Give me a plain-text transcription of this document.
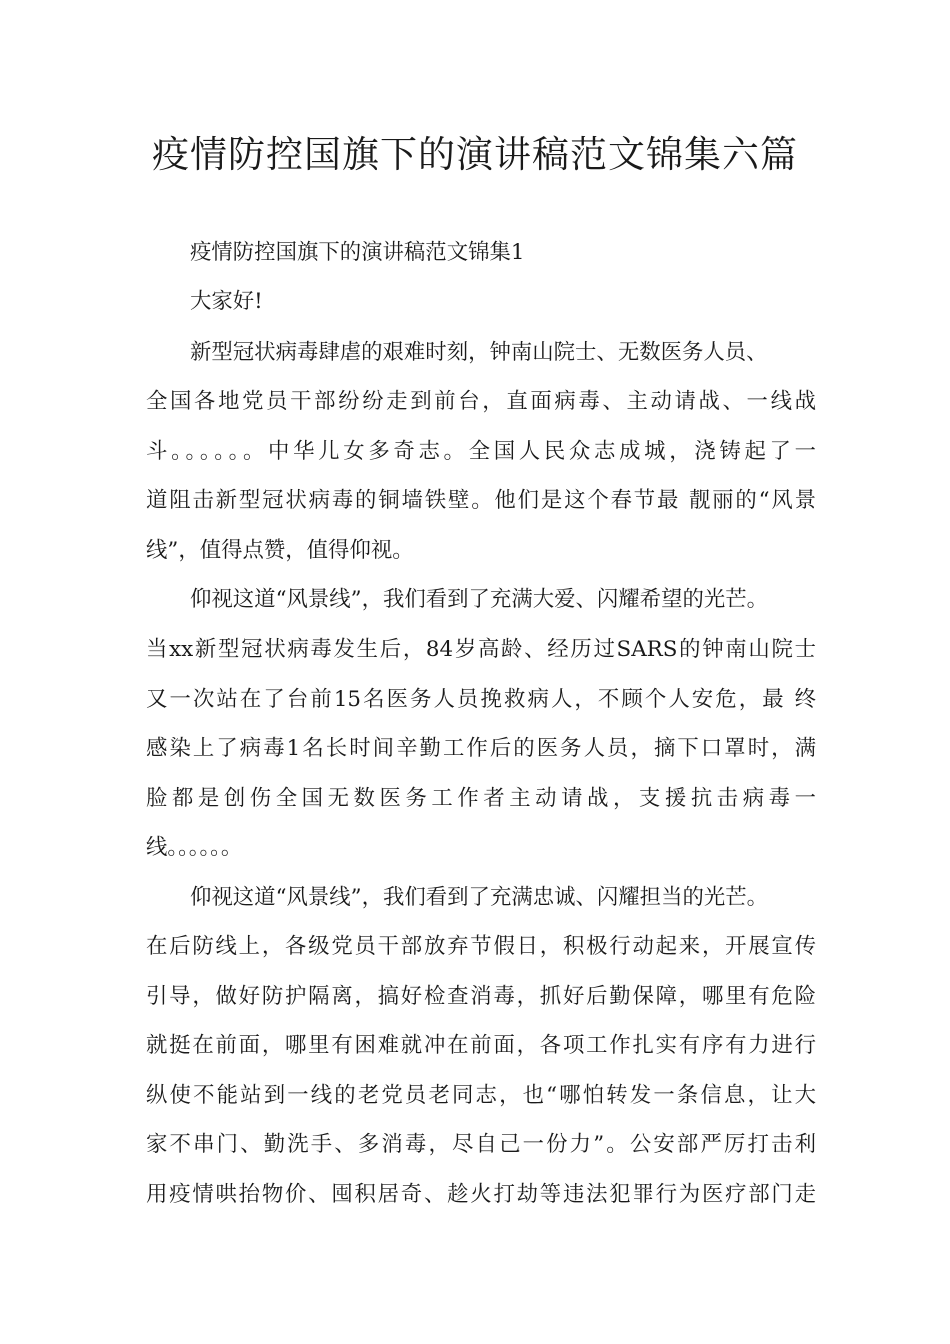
疫情防控国旗下的演讲稿范文锦集六篇
疫情防控国旗下的演讲稿范文锦集1
大家好!
新型冠状病毒肆虐的艰难时刻，钟南山院士、无数医务人员、
全国各地党员干部纷纷走到前台，直面病毒、主动请战、一线战
斗。。。。。。中华儿女多奇志。全国人民众志成城，浇铸起了一
道阻击新型冠状病毒的铜墙铁壁。他们是这个春节最 靓丽的“风景
线”，值得点赞，值得仰视。
仰视这道“风景线”，我们看到了充满大爱、闪耀希望的光芒。
当xx新型冠状病毒发生后，84岁高龄、经历过SARS的钟南山院士
又一次站在了台前15名医务人员挽救病人，不顾个人安危，最 终
感染上了病毒1名长时间辛勤工作后的医务人员，摘下口罩时，满
脸都是创伤全国无数医务工作者主动请战，支援抗击病毒一
线。。。。。。
仰视这道“风景线”，我们看到了充满忠诚、闪耀担当的光芒。
在后防线上，各级党员干部放弃节假日，积极行动起来，开展宣传
引导，做好防护隔离，搞好检查消毒，抓好后勤保障，哪里有危险
就挺在前面，哪里有困难就冲在前面，各项工作扎实有序有力进行
纵使不能站到一线的老党员老同志，也“哪怕转发一条信息，让大
家不串门、勤洗手、多消毒，尽自己一份力”。公安部严厉打击利
用疫情哄抬物价、囤积居奇、趁火打劫等违法犯罪行为医疗部门走
